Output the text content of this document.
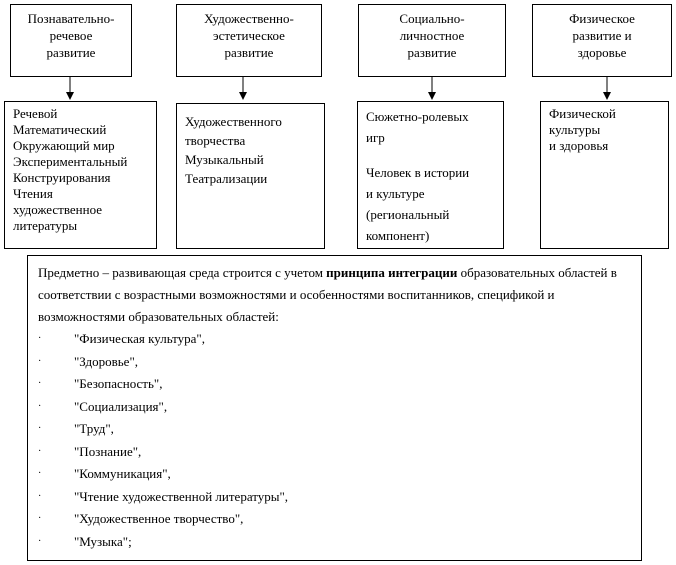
Познавательно-
речевое
развитие
Художественно-
эстетическое
развитие
Социально-
личностное
развитие
Физическое
развитие и
здоровье
Речевой
Математический
Окружающий мир
Экспериментальный
Конструирования
Чтения
художественное
литературы
Художественного
творчества
Музыкальный
Театрализации
Сюжетно-ролевых
игр
Человек в истории
и культуре
(региональный
компонент)
Физической
культуры
и здоровья

Предметно – развивающая среда строится с учетом принципа интеграции образовательных областей в соответствии с возрастными возможностями и особенностями воспитанников, спецификой и возможностями образовательных областей:

·	"Физическая культура",
·	"Здоровье",
·	"Безопасность",
·	"Социализация",
·	"Труд",
·	"Познание",
·	"Коммуникация",
·	"Чтение художественной литературы",
·	"Художественное творчество",
·	"Музыка";
